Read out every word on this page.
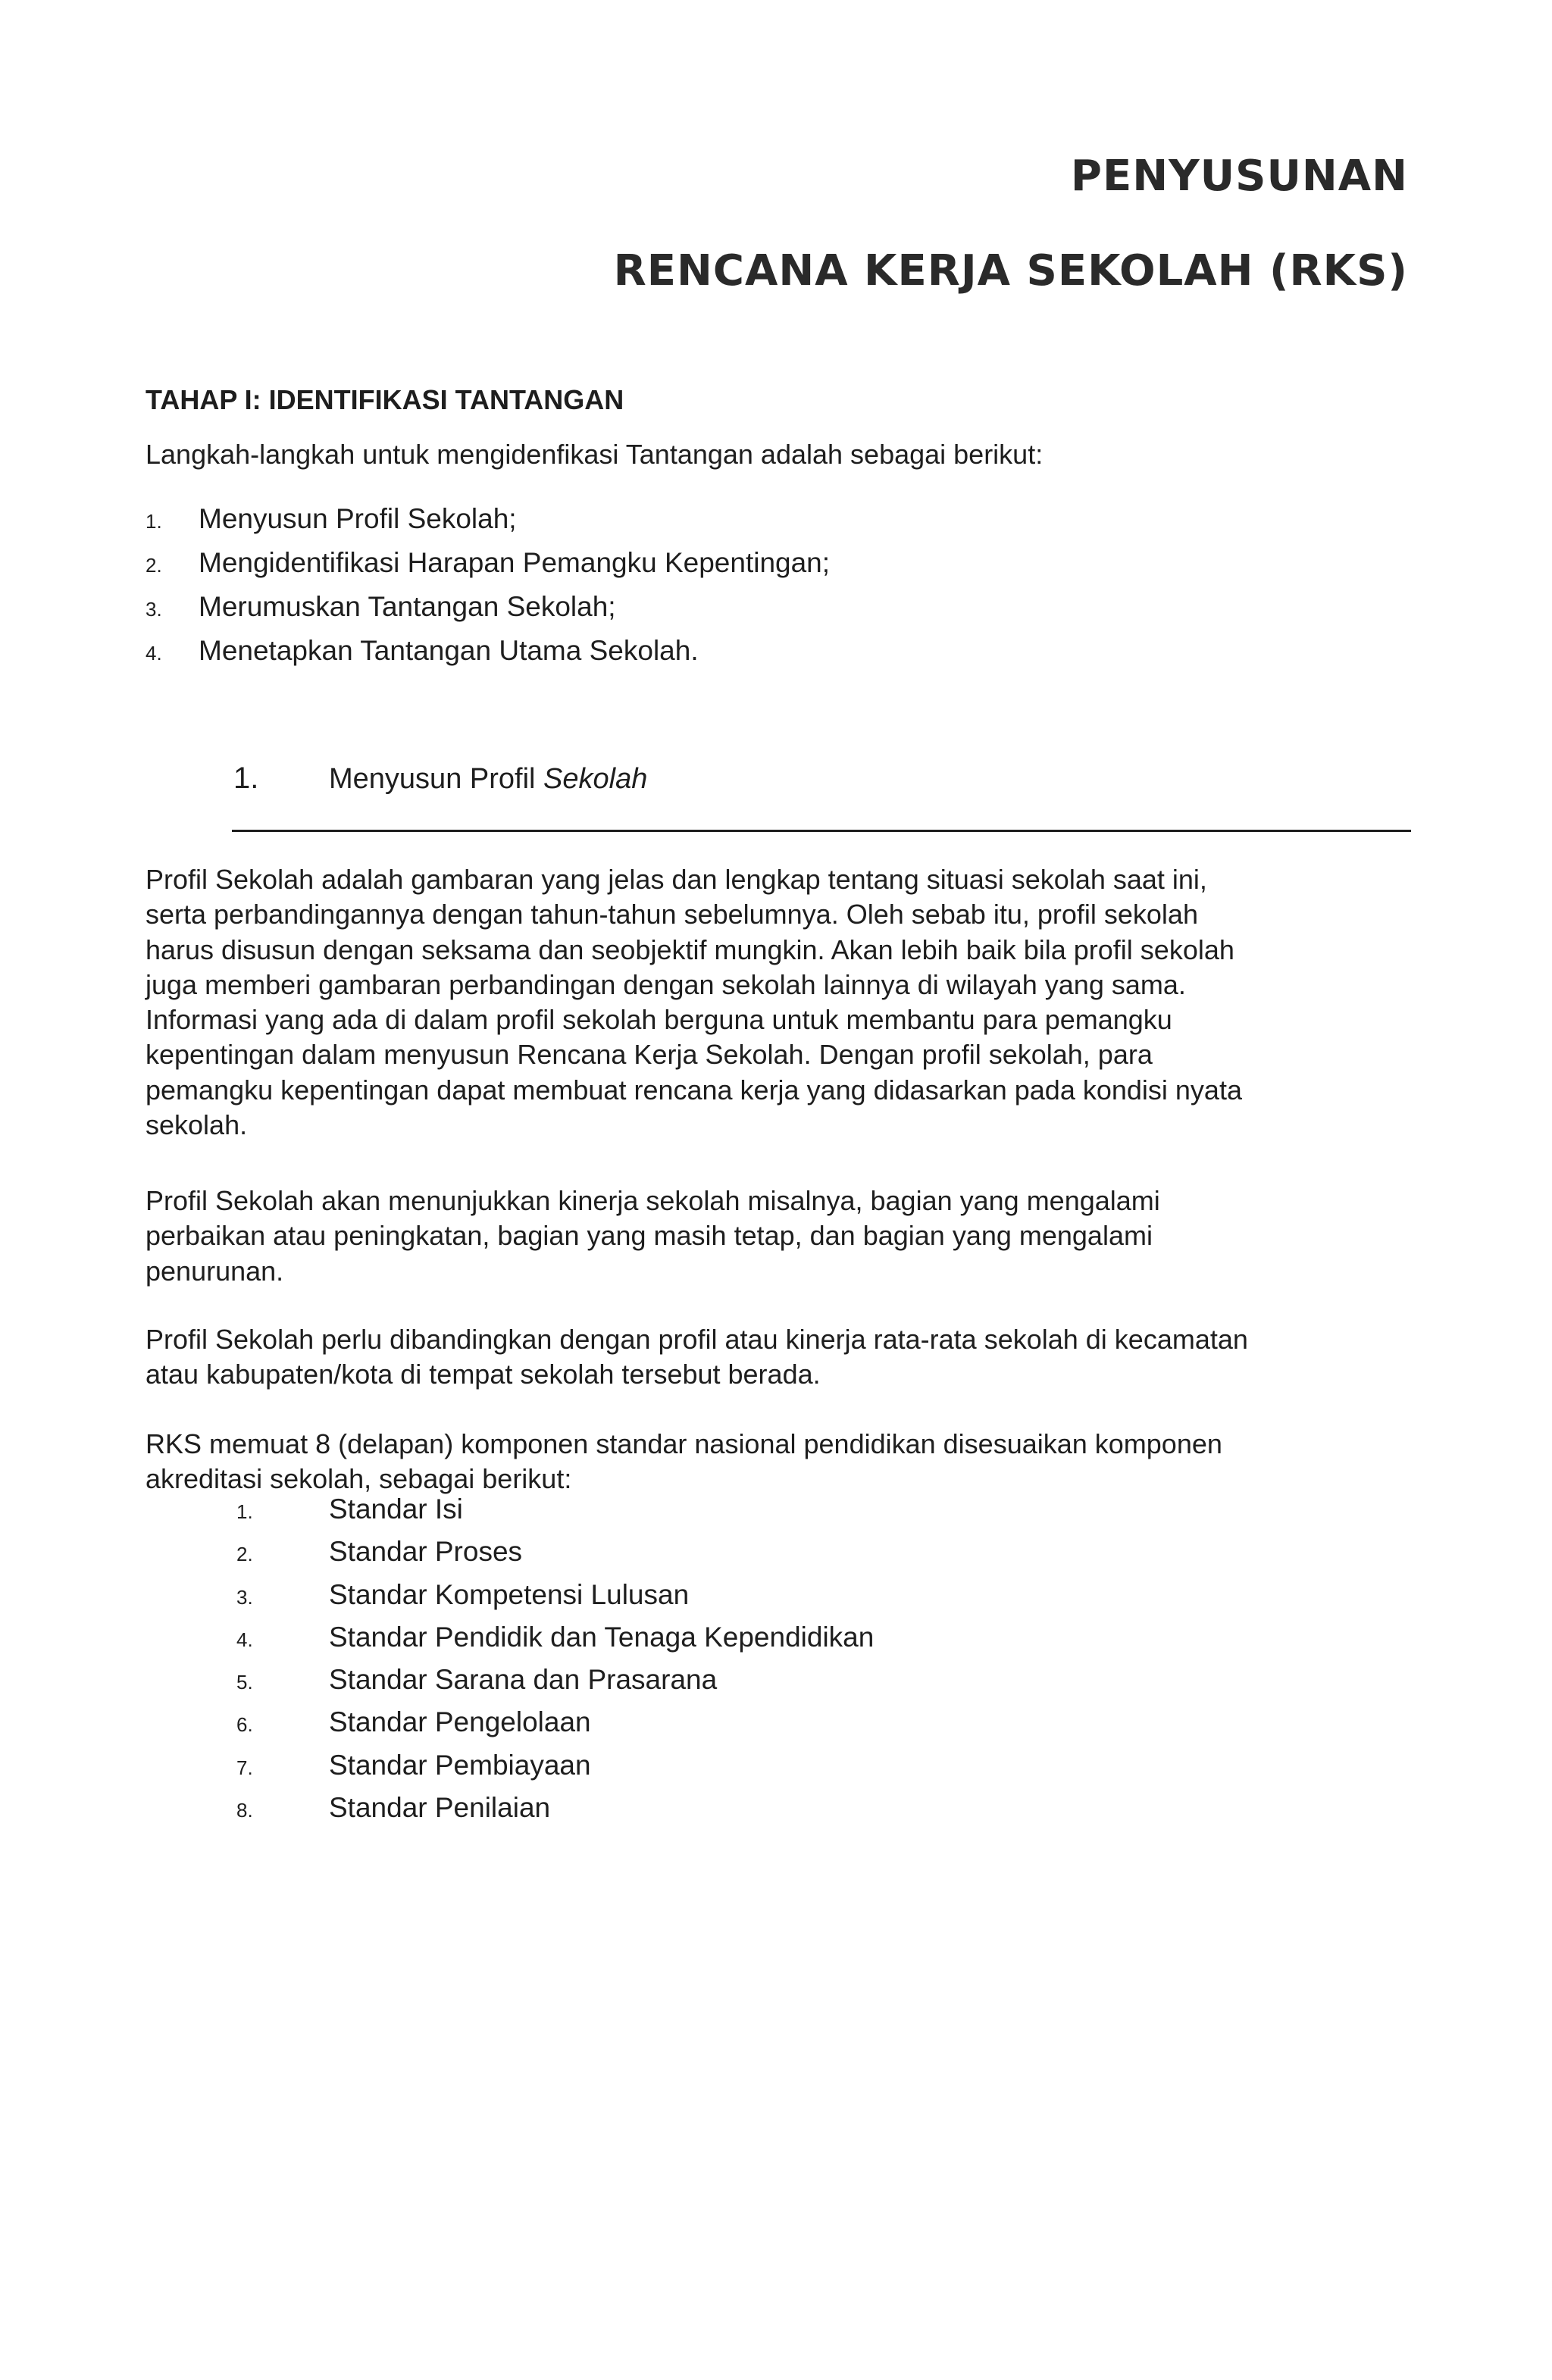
PENYUSUNAN
RENCANA KERJA SEKOLAH (RKS)
TAHAP I: IDENTIFIKASI TANTANGAN

Langkah-langkah untuk mengidenfikasi Tantangan adalah sebagai berikut:

1. Menyusun Profil Sekolah;
2. Mengidentifikasi Harapan Pemangku Kepentingan;
3. Merumuskan Tantangan Sekolah;
4. Menetapkan Tantangan Utama Sekolah.
1. Menyusun Profil Sekolah

Profil Sekolah adalah gambaran yang jelas dan lengkap tentang situasi sekolah saat ini,
serta perbandingannya dengan tahun-tahun sebelumnya. Oleh sebab itu, profil sekolah
harus disusun dengan seksama dan seobjektif mungkin. Akan lebih baik bila profil sekolah
juga memberi gambaran perbandingan dengan sekolah lainnya di wilayah yang sama.
Informasi yang ada di dalam profil sekolah berguna untuk membantu para pemangku
kepentingan dalam menyusun Rencana Kerja Sekolah. Dengan profil sekolah, para
pemangku kepentingan dapat membuat rencana kerja yang didasarkan pada kondisi nyata
sekolah.

Profil Sekolah akan menunjukkan kinerja sekolah misalnya, bagian yang mengalami
perbaikan atau peningkatan, bagian yang masih tetap, dan bagian yang mengalami
penurunan.

Profil Sekolah perlu dibandingkan dengan profil atau kinerja rata-rata sekolah di kecamatan
atau kabupaten/kota di tempat sekolah tersebut berada.

RKS memuat 8 (delapan) komponen standar nasional pendidikan disesuaikan komponen
akreditasi sekolah, sebagai berikut:

1.	Standar Isi
2.	Standar Proses
3.	Standar Kompetensi Lulusan
4.	Standar Pendidik dan Tenaga Kependidikan
5.	Standar Sarana dan Prasarana
6.	Standar Pengelolaan
7.	Standar Pembiayaan
8.	Standar Penilaian
